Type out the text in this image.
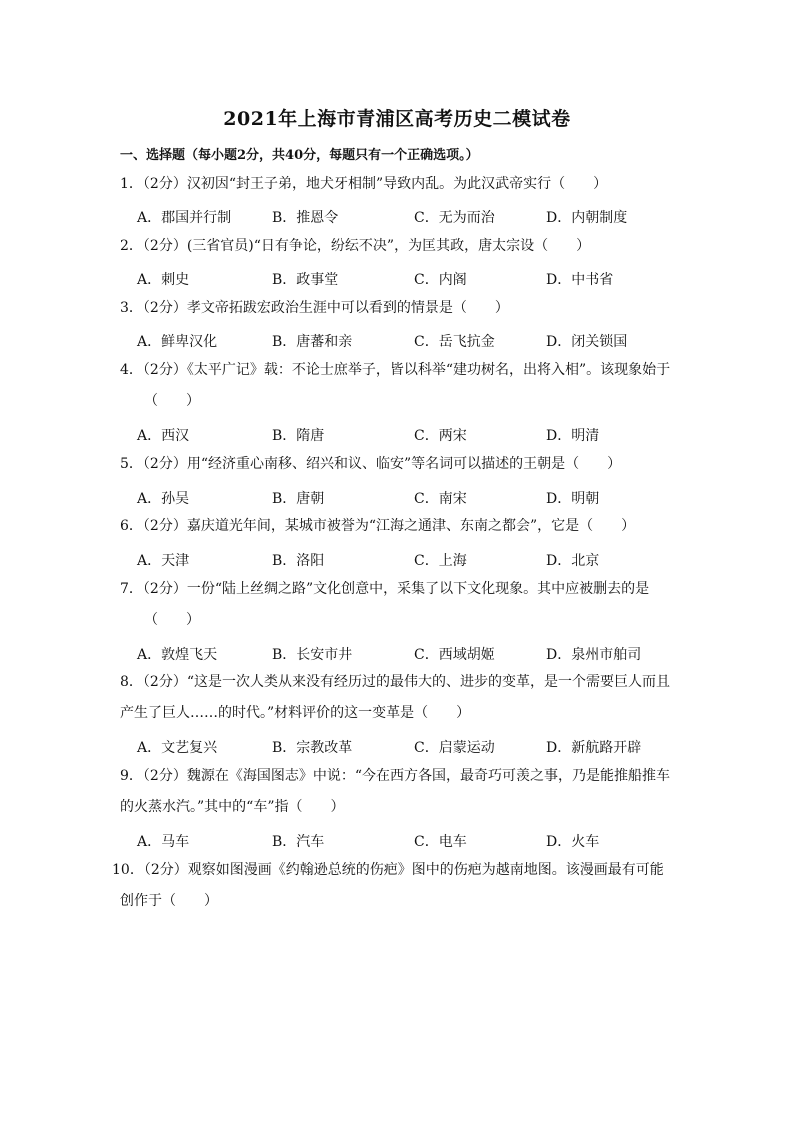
2021年上海市青浦区高考历史二模试卷
一、选择题（每小题2分，共40分，每题只有一个正确选项。）
1．（2分）汉初因“封王子弟，地犬牙相制”导致内乱。为此汉武帝实行（　　）
A．郡国并行制	B．推恩令	C．无为而治	D．内朝制度
2．（2分）(三省官员)“日有争论，纷纭不决”，为匡其政，唐太宗设（　　）
A．刺史	B．政事堂	C．内阁	D．中书省
3．（2分）孝文帝拓跋宏政治生涯中可以看到的情景是（　　）
A．鲜卑汉化	B．唐蕃和亲	C．岳飞抗金	D．闭关锁国
4．（2分）《太平广记》载：不论士庶举子，皆以科举“建功树名，出将入相”。该现象始于
（　　）
A．西汉	B．隋唐	C．两宋	D．明清
5．（2分）用“经济重心南移、绍兴和议、临安”等名词可以描述的王朝是（　　）
A．孙吴	B．唐朝	C．南宋	D．明朝
6．（2分）嘉庆道光年间，某城市被誉为“江海之通津、东南之都会”，它是（　　）
A．天津	B．洛阳	C．上海	D．北京
7．（2分）一份“陆上丝绸之路”文化创意中，采集了以下文化现象。其中应被删去的是
（　　）
A．敦煌飞天	B．长安市井	C．西域胡姬	D．泉州市舶司
8．（2分）“这是一次人类从来没有经历过的最伟大的、进步的变革，是一个需要巨人而且
产生了巨人……的时代。”材料评价的这一变革是（　　）
A．文艺复兴	B．宗教改革	C．启蒙运动	D．新航路开辟
9．（2分）魏源在《海国图志》中说：“今在西方各国，最奇巧可羡之事，乃是能推船推车
的火蒸水汽。”其中的“车”指（　　）
A．马车	B．汽车	C．电车	D．火车
10．（2分）观察如图漫画《约翰逊总统的伤疤》图中的伤疤为越南地图。该漫画最有可能
创作于（　　）
